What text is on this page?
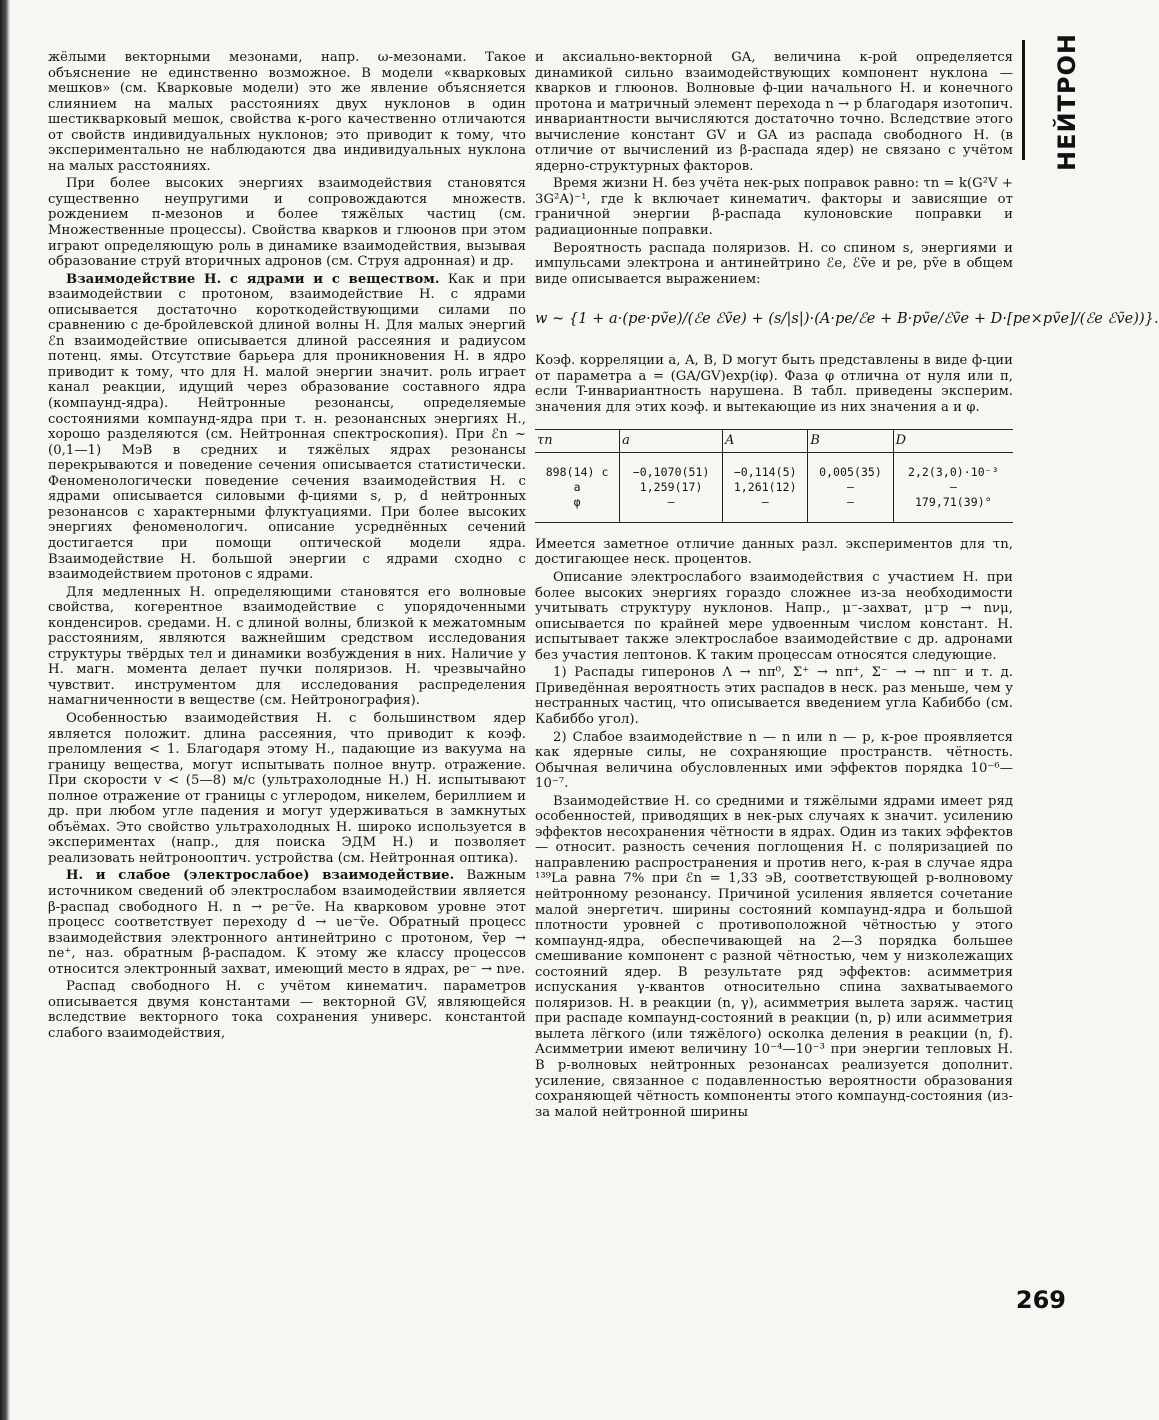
НЕЙТРОН

жёлыми векторными мезонами, напр. ω-мезонами. Такое объяснение не единственно возможное. В модели «кварковых мешков» (см. Кварковые модели) это же явление объясняется слиянием на малых расстояниях двух нуклонов в один шестикварковый мешок, свойства к-рого качественно отличаются от свойств индивидуальных нуклонов; это приводит к тому, что экспериментально не наблюдаются два индивидуальных нуклона на малых расстояниях.

При более высоких энергиях взаимодействия становятся существенно неупругими и сопровождаются множеств. рождением π-мезонов и более тяжёлых частиц (см. Множественные процессы). Свойства кварков и глюонов при этом играют определяющую роль в динамике взаимодействия, вызывая образование струй вторичных адронов (см. Струя адронная) и др.

Взаимодействие Н. с ядрами и с веществом. Как и при взаимодействии с протоном, взаимодействие Н. с ядрами описывается достаточно короткодействующими силами по сравнению с де-бройлевской длиной волны Н. Для малых энергий ℰn взаимодействие описывается длиной рассеяния и радиусом потенц. ямы. Отсутствие барьера для проникновения Н. в ядро приводит к тому, что для Н. малой энергии значит. роль играет канал реакции, идущий через образование составного ядра (компаунд-ядра). Нейтронные резонансы, определяемые состояниями компаунд-ядра при т. н. резонансных энергиях Н., хорошо разделяются (см. Нейтронная спектроскопия). При ℰn ~ (0,1—1) МэВ в средних и тяжёлых ядрах резонансы перекрываются и поведение сечения описывается статистически. Феноменологически поведение сечения взаимодействия Н. с ядрами описывается силовыми ф-циями s, p, d нейтронных резонансов с характерными флуктуациями. При более высоких энергиях феноменологич. описание усреднённых сечений достигается при помощи оптической модели ядра. Взаимодействие Н. большой энергии с ядрами сходно с взаимодействием протонов с ядрами.

Для медленных Н. определяющими становятся его волновые свойства, когерентное взаимодействие с упорядоченными конденсиров. средами. Н. с длиной волны, близкой к межатомным расстояниям, являются важнейшим средством исследования структуры твёрдых тел и динамики возбуждения в них. Наличие у Н. магн. момента делает пучки поляризов. Н. чрезвычайно чувствит. инструментом для исследования распределения намагниченности в веществе (см. Нейтронография).

Особенностью взаимодействия Н. с большинством ядер является положит. длина рассеяния, что приводит к коэф. преломления < 1. Благодаря этому Н., падающие из вакуума на границу вещества, могут испытывать полное внутр. отражение. При скорости v < (5—8) м/с (ультрахолодные Н.) Н. испытывают полное отражение от границы с углеродом, никелем, бериллием и др. при любом угле падения и могут удерживаться в замкнутых объёмах. Это свойство ультрахолодных Н. широко используется в экспериментах (напр., для поиска ЭДМ Н.) и позволяет реализовать нейтроноoптич. устройства (см. Нейтронная оптика).

Н. и слабое (электрослабое) взаимодействие. Важным источником сведений об электрослабом взаимодействии является β-распад свободного Н. n → pe⁻ṽe. На кварковом уровне этот процесс соответствует переходу d → ue⁻ṽe. Обратный процесс взаимодействия электронного антинейтрино с протоном, ṽep → ne⁺, наз. обратным β-распадом. К этому же классу процессов относится электронный захват, имеющий место в ядрах, pe⁻ → nνe.

Распад свободного Н. с учётом кинематич. параметров описывается двумя константами — векторной GV, являющейся вследствие векторного тока сохранения универс. константой слабого взаимодействия,

и аксиально-векторной GA, величина к-рой определяется динамикой сильно взаимодействующих компонент нуклона — кварков и глюонов. Волновые ф-ции начального Н. и конечного протона и матричный элемент перехода n → p благодаря изотопич. инвариантности вычисляются достаточно точно. Вследствие этого вычисление констант GV и GA из распада свободного Н. (в отличие от вычислений из β-распада ядер) не связано с учётом ядерно-структурных факторов.

Время жизни Н. без учёта нек-рых поправок равно: τn = k(G²V + 3G²A)⁻¹, где k включает кинематич. факторы и зависящие от граничной энергии β-распада кулоновские поправки и радиационные поправки.

Вероятность распада поляризов. Н. со спином s, энергиями и импульсами электрона и антинейтрино ℰe, ℰṽe и pe, pṽe в общем виде описывается выражением:

w ~ {1 + a·(pe·pṽe)/(ℰe ℰṽe) + (s/|s|)·(A·pe/ℰe + B·pṽe/ℰṽe + D·[pe×pṽe]/(ℰe ℰṽe))}.

Коэф. корреляции a, A, B, D могут быть представлены в виде ф-ции от параметра a = (GA/GV)exp(iφ). Фаза φ отлична от нуля или π, если T-инвариантность нарушена. В табл. приведены эксперим. значения для этих коэф. и вытекающие из них значения a и φ.

τn	a	A	B	D
898(14) с	−0,1070(51)	−0,114(5)	0,005(35)	2,2(3,0)·10⁻³
a	1,259(17)	1,261(12)	—	—
φ	—	—	—	179,71(39)°

Имеется заметное отличие данных разл. экспериментов для τn, достигающее неск. процентов.

Описание электрослабого взаимодействия с участием Н. при более высоких энергиях гораздо сложнее из-за необходимости учитывать структуру нуклонов. Напр., μ⁻-захват, μ⁻p → nνμ, описывается по крайней мере удвоенным числом констант. Н. испытывает также электрослабое взаимодействие с др. адронами без участия лептонов. К таким процессам относятся следующие.

1) Распады гиперонов Λ → nπ⁰, Σ⁺ → nπ⁺, Σ⁻ → → nπ⁻ и т. д. Приведённая вероятность этих распадов в неск. раз меньше, чем у нестранных частиц, что описывается введением угла Кабиббо (см. Кабиббо угол).

2) Слабое взаимодействие n — n или n — p, к-рое проявляется как ядерные силы, не сохраняющие пространств. чётность. Обычная величина обусловленных ими эффектов порядка 10⁻⁶—10⁻⁷.

Взаимодействие Н. со средними и тяжёлыми ядрами имеет ряд особенностей, приводящих в нек-рых случаях к значит. усилению эффектов несохранения чётности в ядрах. Один из таких эффектов — относит. разность сечения поглощения Н. с поляризацией по направлению распространения и против него, к-рая в случае ядра ¹³⁹La равна 7% при ℰn = 1,33 эВ, соответствующей p-волновому нейтронному резонансу. Причиной усиления является сочетание малой энергетич. ширины состояний компаунд-ядра и большой плотности уровней с противоположной чётностью у этого компаунд-ядра, обеспечивающей на 2—3 порядка большее смешивание компонент с разной чётностью, чем у низколежащих состояний ядер. В результате ряд эффектов: асимметрия испускания γ-квантов относительно спина захватываемого поляризов. Н. в реакции (n, γ), асимметрия вылета заряж. частиц при распаде компаунд-состояний в реакции (n, p) или асимметрия вылета лёгкого (или тяжёлого) осколка деления в реакции (n, f). Асимметрии имеют величину 10⁻⁴—10⁻³ при энергии тепловых Н. В p-волновых нейтронных резонансах реализуется дополнит. усиление, связанное с подавленностью вероятности образования сохраняющей чётность компоненты этого компаунд-состояния (из-за малой нейтронной ширины

269
